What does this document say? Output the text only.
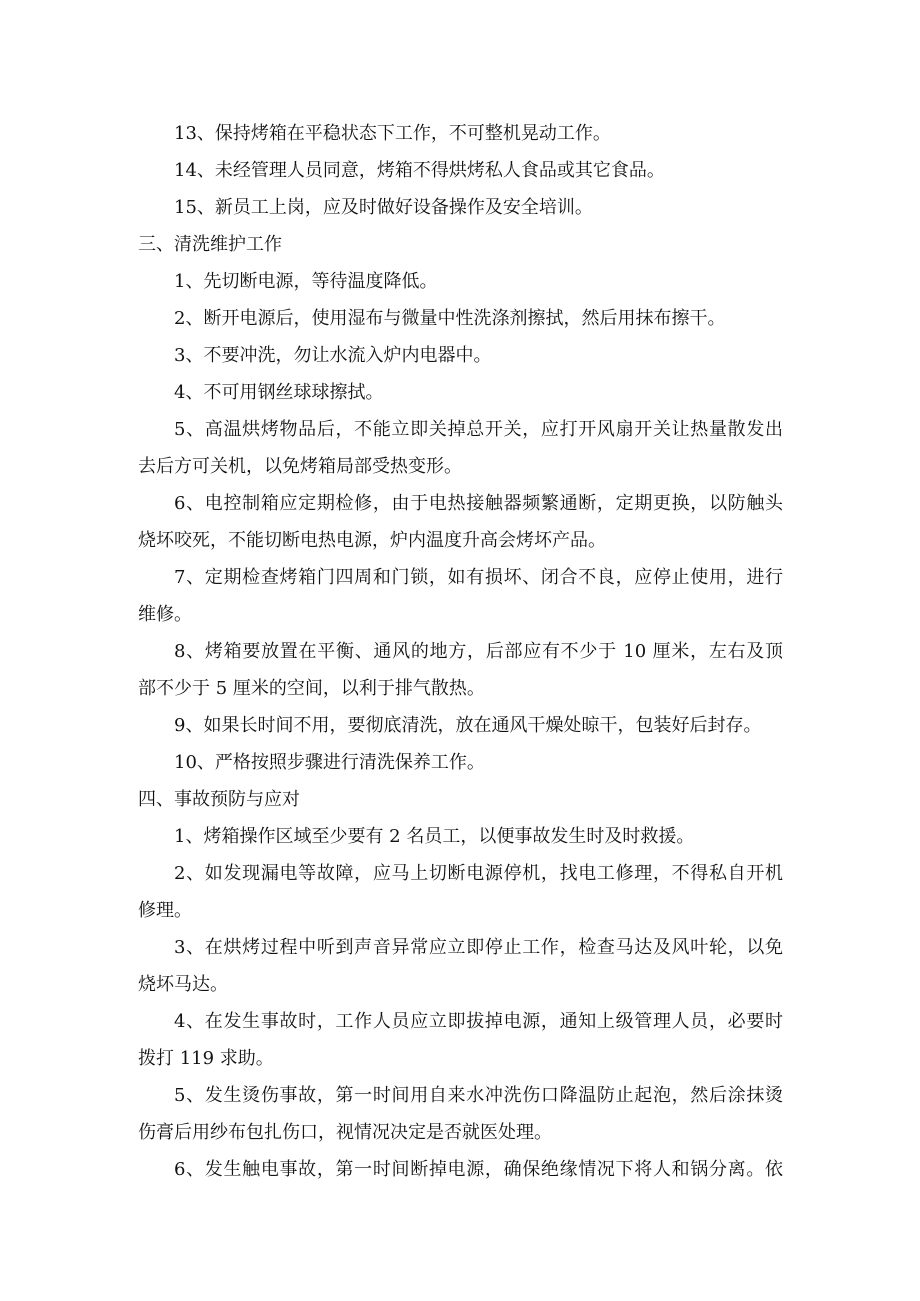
13、保持烤箱在平稳状态下工作，不可整机晃动工作。
14、未经管理人员同意，烤箱不得烘烤私人食品或其它食品。
15、新员工上岗，应及时做好设备操作及安全培训。
三、清洗维护工作
1、先切断电源，等待温度降低。
2、断开电源后，使用湿布与微量中性洗涤剂擦拭，然后用抹布擦干。
3、不要冲洗，勿让水流入炉内电器中。
4、不可用钢丝球球擦拭。
5、高温烘烤物品后，不能立即关掉总开关，应打开风扇开关让热量散发出
去后方可关机，以免烤箱局部受热变形。
6、电控制箱应定期检修，由于电热接触器频繁通断，定期更换，以防触头
烧坏咬死，不能切断电热电源，炉内温度升高会烤坏产品。
7、定期检查烤箱门四周和门锁，如有损坏、闭合不良，应停止使用，进行
维修。
8、烤箱要放置在平衡、通风的地方，后部应有不少于 10 厘米，左右及顶
部不少于 5 厘米的空间，以利于排气散热。
9、如果长时间不用，要彻底清洗，放在通风干燥处晾干，包装好后封存。
10、严格按照步骤进行清洗保养工作。
四、事故预防与应对
1、烤箱操作区域至少要有 2 名员工，以便事故发生时及时救援。
2、如发现漏电等故障，应马上切断电源停机，找电工修理，不得私自开机
修理。
3、在烘烤过程中听到声音异常应立即停止工作，检查马达及风叶轮，以免
烧坏马达。
4、在发生事故时，工作人员应立即拔掉电源，通知上级管理人员，必要时
拨打 119 求助。
5、发生烫伤事故，第一时间用自来水冲洗伤口降温防止起泡，然后涂抹烫
伤膏后用纱布包扎伤口，视情况决定是否就医处理。
6、发生触电事故，第一时间断掉电源，确保绝缘情况下将人和锅分离。依
